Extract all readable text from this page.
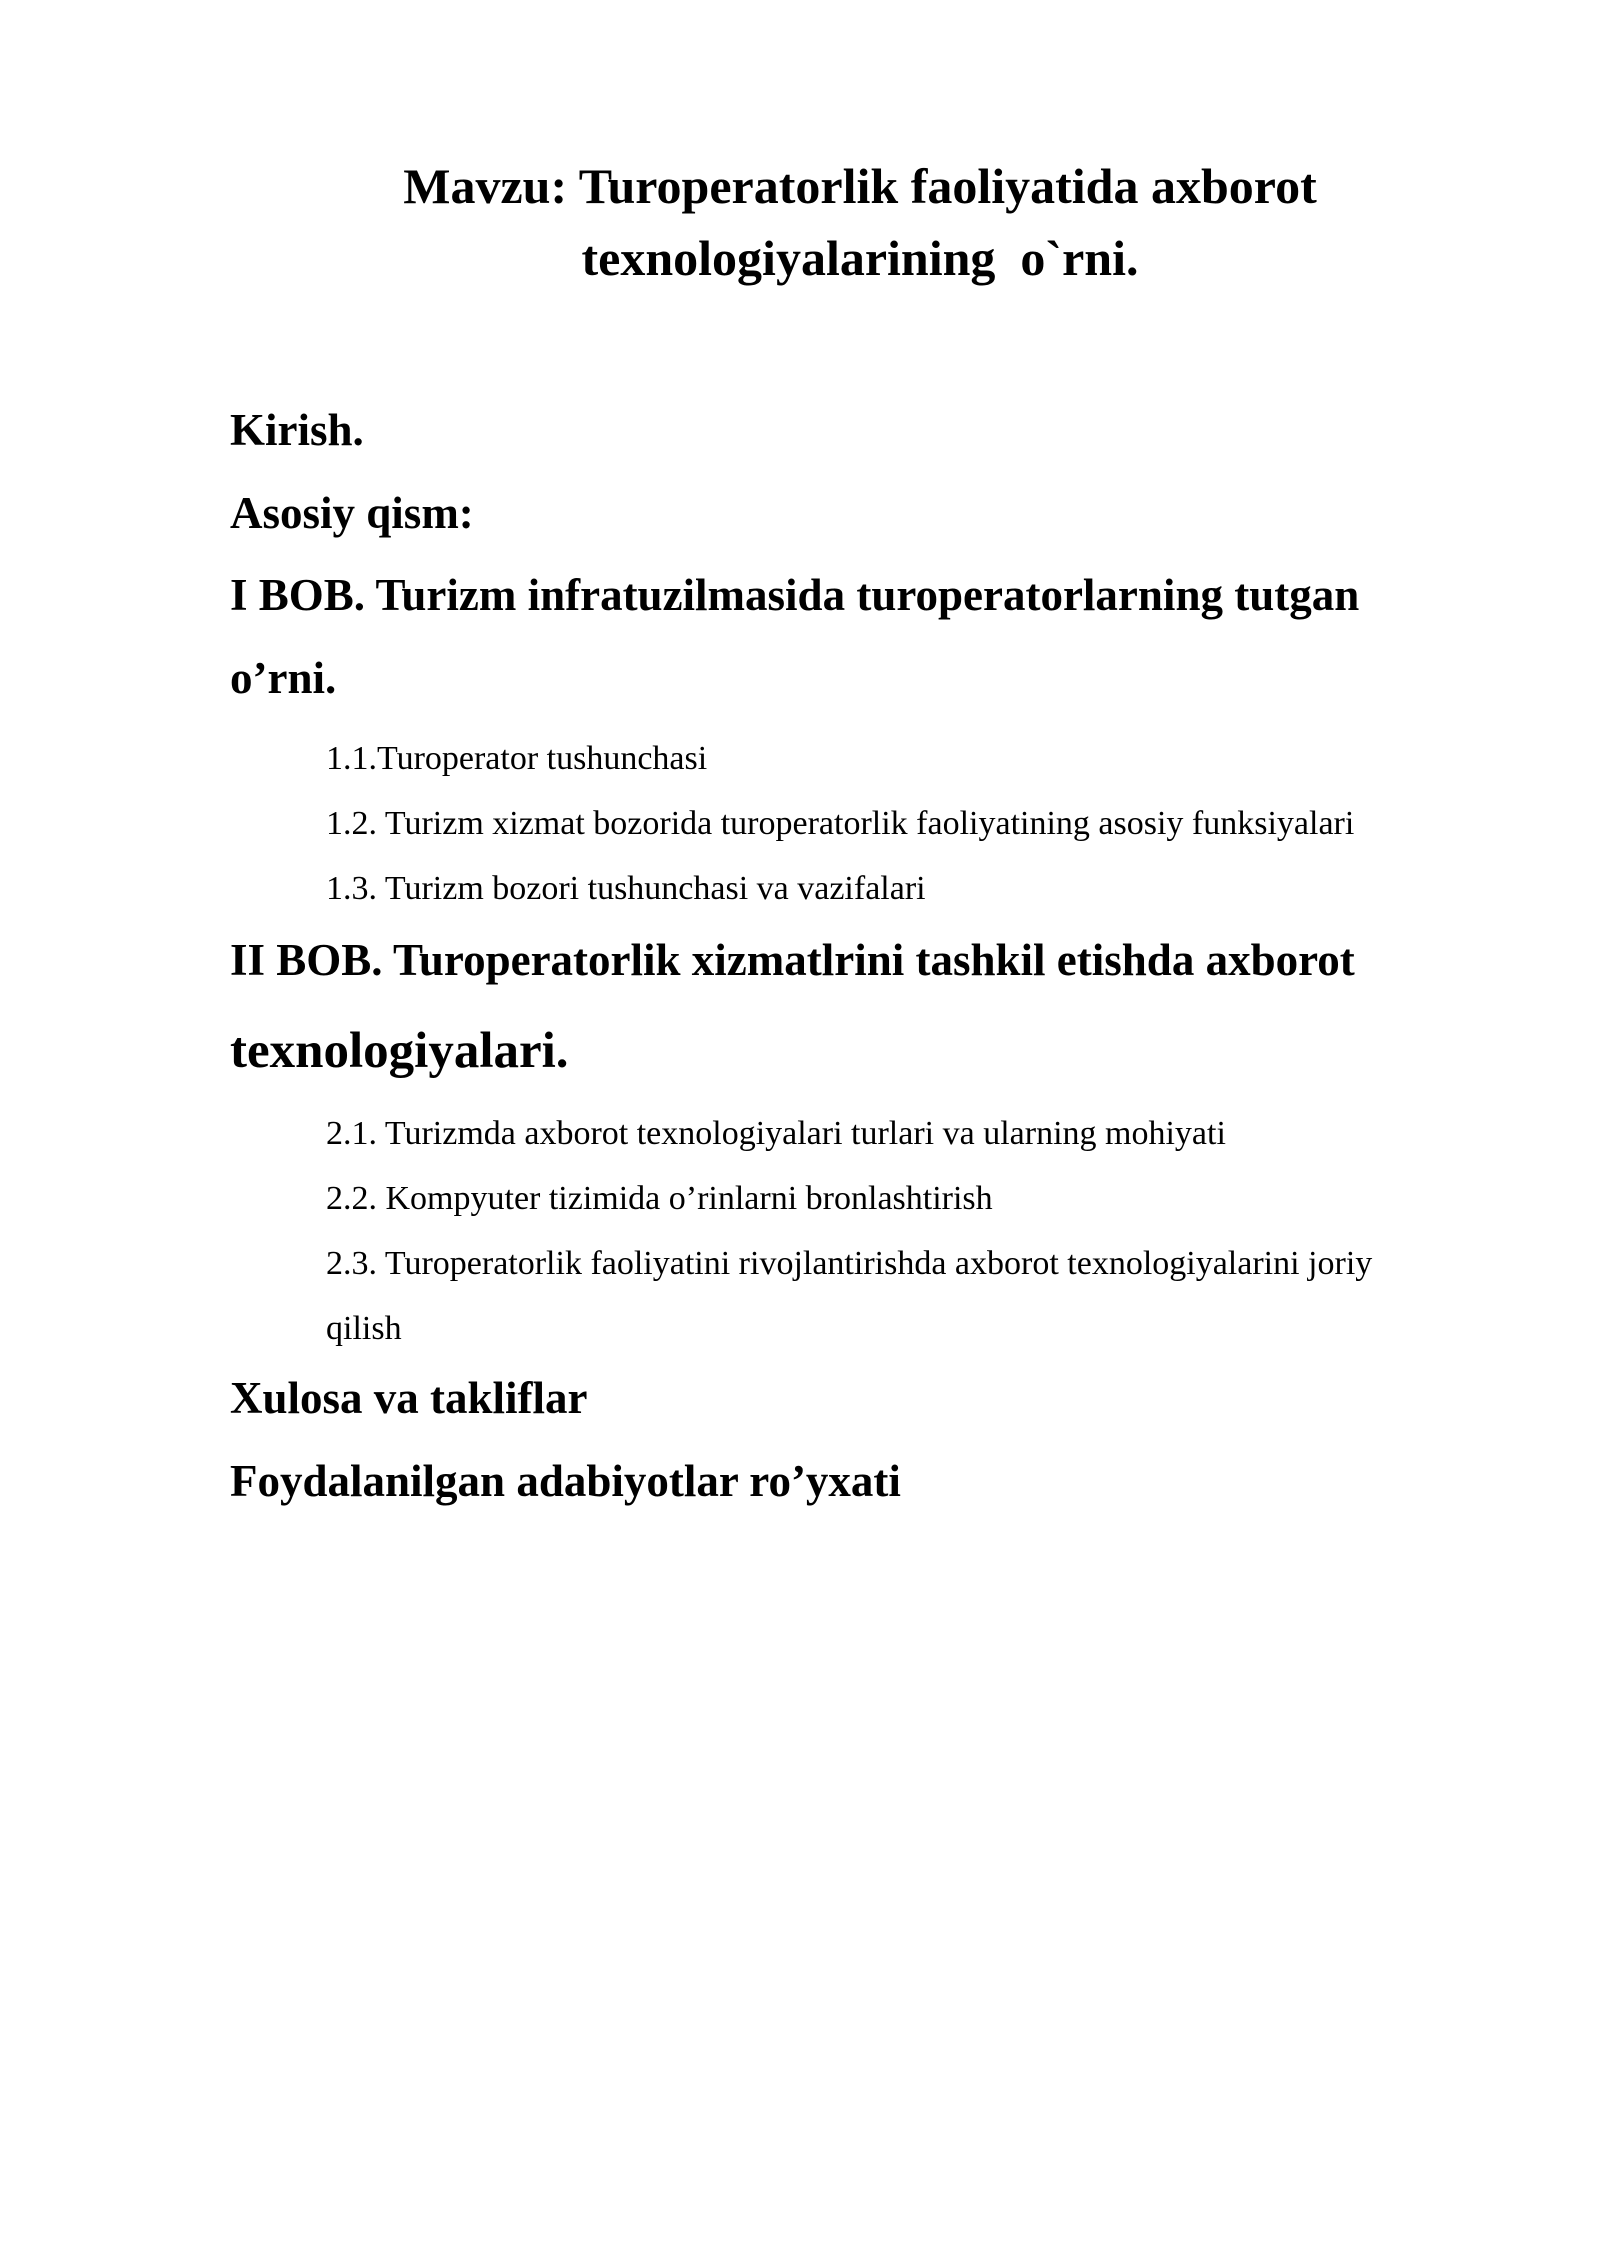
Mavzu: Turoperatorlik faoliyatida axborot
texnologiyalarining  o`rni.
Kirish.
Asosiy qism:
I BOB. Turizm infratuzilmasida turoperatorlarning tutgan
o’rni.
1.1.Turoperator tushunchasi
1.2. Turizm xizmat bozorida turoperatorlik faoliyatining asosiy funksiyalari
1.3. Turizm bozori tushunchasi va vazifalari
II BOB. Turoperatorlik xizmatlrini tashkil etishda axborot
texnologiyalari.
2.1. Turizmda axborot texnologiyalari turlari va ularning mohiyati
2.2. Kompyuter tizimida o’rinlarni bronlashtirish
2.3. Turoperatorlik faoliyatini rivojlantirishda axborot texnologiyalarini joriy
qilish
Xulosa va takliflar
Foydalanilgan adabiyotlar ro’yxati
